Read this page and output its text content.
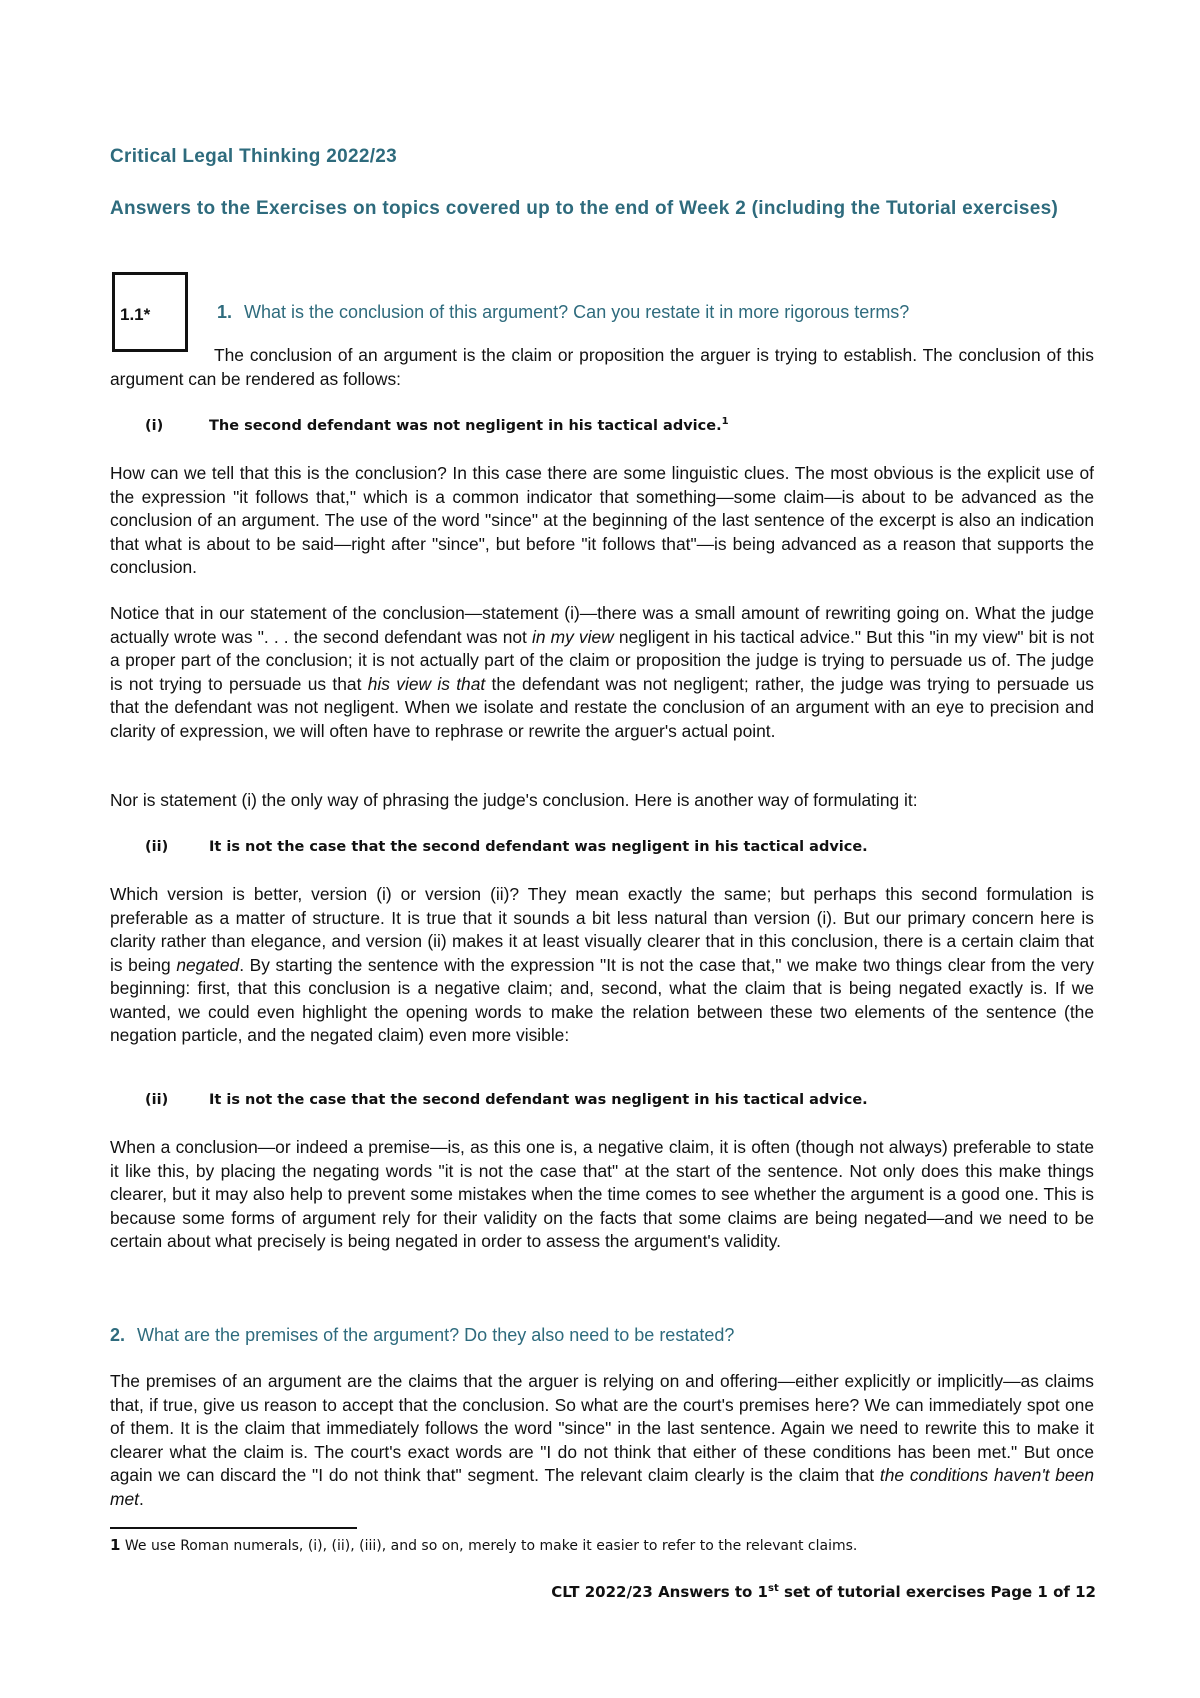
Critical Legal Thinking 2022/23
Answers to the Exercises on topics covered up to the end of Week 2 (including the Tutorial exercises)
1.1*	1. What is the conclusion of this argument? Can you restate it in more rigorous terms?

The conclusion of an argument is the claim or proposition the arguer is trying to establish. The conclusion of this argument can be rendered as follows:

(i)	The second defendant was not negligent in his tactical advice.$^1$

How can we tell that this is the conclusion? In this case there are some linguistic clues. The most obvious is the explicit use of the expression "it follows that," which is a common indicator that something—some claim—is about to be advanced as the conclusion of an argument. The use of the word "since" at the beginning of the last sentence of the excerpt is also an indication that what is about to be said—right after "since", but before "it follows that"—is being advanced as a reason that supports the conclusion.

Notice that in our statement of the conclusion—statement (i)—there was a small amount of rewriting going on. What the judge actually wrote was ". . . the second defendant was not in my view negligent in his tactical advice." But this "in my view" bit is not a proper part of the conclusion; it is not actually part of the claim or proposition the judge is trying to persuade us of. The judge is not trying to persuade us that his view is that the defendant was not negligent; rather, the judge was trying to persuade us that the defendant was not negligent. When we isolate and restate the conclusion of an argument with an eye to precision and clarity of expression, we will often have to rephrase or rewrite the arguer's actual point.

Nor is statement (i) the only way of phrasing the judge's conclusion. Here is another way of formulating it:

(ii)	It is not the case that the second defendant was negligent in his tactical advice.

Which version is better, version (i) or version (ii)? They mean exactly the same; but perhaps this second formulation is preferable as a matter of structure. It is true that it sounds a bit less natural than version (i). But our primary concern here is clarity rather than elegance, and version (ii) makes it at least visually clearer that in this conclusion, there is a certain claim that is being negated. By starting the sentence with the expression "It is not the case that," we make two things clear from the very beginning: first, that this conclusion is a negative claim; and, second, what the claim that is being negated exactly is. If we wanted, we could even highlight the opening words to make the relation between these two elements of the sentence (the negation particle, and the negated claim) even more visible:

(ii)	It is not the case that the second defendant was negligent in his tactical advice.

When a conclusion—or indeed a premise—is, as this one is, a negative claim, it is often (though not always) preferable to state it like this, by placing the negating words "it is not the case that" at the start of the sentence. Not only does this make things clearer, but it may also help to prevent some mistakes when the time comes to see whether the argument is a good one. This is because some forms of argument rely for their validity on the facts that some claims are being negated—and we need to be certain about what precisely is being negated in order to assess the argument's validity.

2. What are the premises of the argument? Do they also need to be restated?

The premises of an argument are the claims that the arguer is relying on and offering—either explicitly or implicitly—as claims that, if true, give us reason to accept that the conclusion. So what are the court's premises here? We can immediately spot one of them. It is the claim that immediately follows the word "since" in the last sentence. Again we need to rewrite this to make it clearer what the claim is. The court's exact words are "I do not think that either of these conditions has been met." But once again we can discard the "I do not think that" segment. The relevant claim clearly is the claim that the conditions haven't been met.

1 We use Roman numerals, (i), (ii), (iii), and so on, merely to make it easier to refer to the relevant claims.
CLT 2022/23 Answers to 1st set of tutorial exercises Page 1 of 12
